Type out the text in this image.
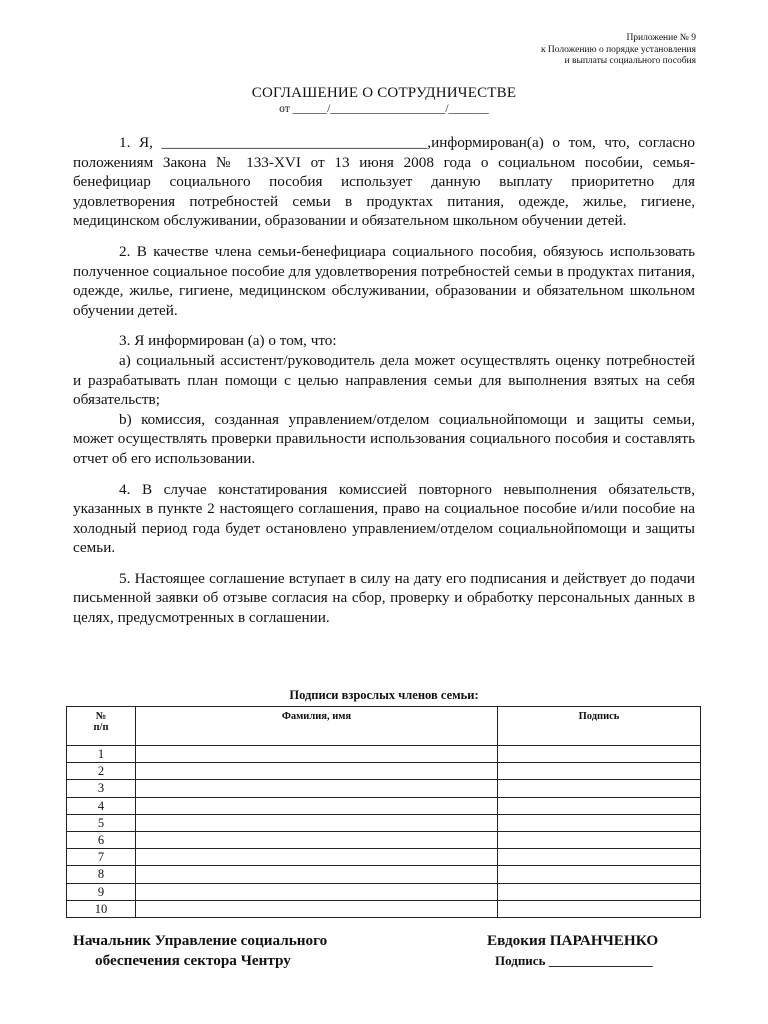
Приложение № 9
к Положению о порядке установления
и выплаты социального пособия
СОГЛАШЕНИЕ О СОТРУДНИЧЕСТВЕ
от ______/____________________/_______

1. Я, ___________________________________,информирован(а) о том, что, согласно положениям Закона № 133-XVI от 13 июня 2008 года о социальном пособии, семья-бенефициар социального пособия использует данную выплату приоритетно для удовлетворения потребностей семьи в продуктах питания, одежде, жилье, гигиене, медицинском обслуживании, образовании и обязательном школьном обучении детей.

2. В качестве члена семьи-бенефициара социального пособия, обязуюсь использовать полученное социальное пособие для удовлетворения потребностей семьи в продуктах питания, одежде, жилье, гигиене, медицинском обслуживании, образовании и обязательном школьном обучении детей.

3. Я информирован (а) о том, что:

a) социальный ассистент/руководитель дела может осуществлять оценку потребностей и разрабатывать план помощи с целью направления семьи для выполнения взятых на себя обязательств;

b) комиссия, созданная управлением/отделом социальнойпомощи и защиты семьи, может осуществлять проверки правильности использования социального пособия и составлять отчет об его использовании.

4. В случае констатирования комиссией повторного невыполнения обязательств, указанных в пункте 2 настоящего соглашения, право на социальное пособие и/или пособие на холодный период года будет остановлено управлением/отделом социальнойпомощи и защиты семьи.

5. Настоящее соглашение вступает в силу на дату его подписания и действует до подачи письменной заявки об отзыве согласия на сбор, проверку и обработку персональных данных в целях, предусмотренных в соглашении.

Подписи взрослых членов семьи:
№
п/п	Фамилия, имя	Подпись
1		
2		
3		
4		
5		
6		
7		
8		
9		
10		
Начальник Управление социального
обеспечения сектора Чентру
Евдокия ПАРАНЧЕНКО
Подпись ________________
